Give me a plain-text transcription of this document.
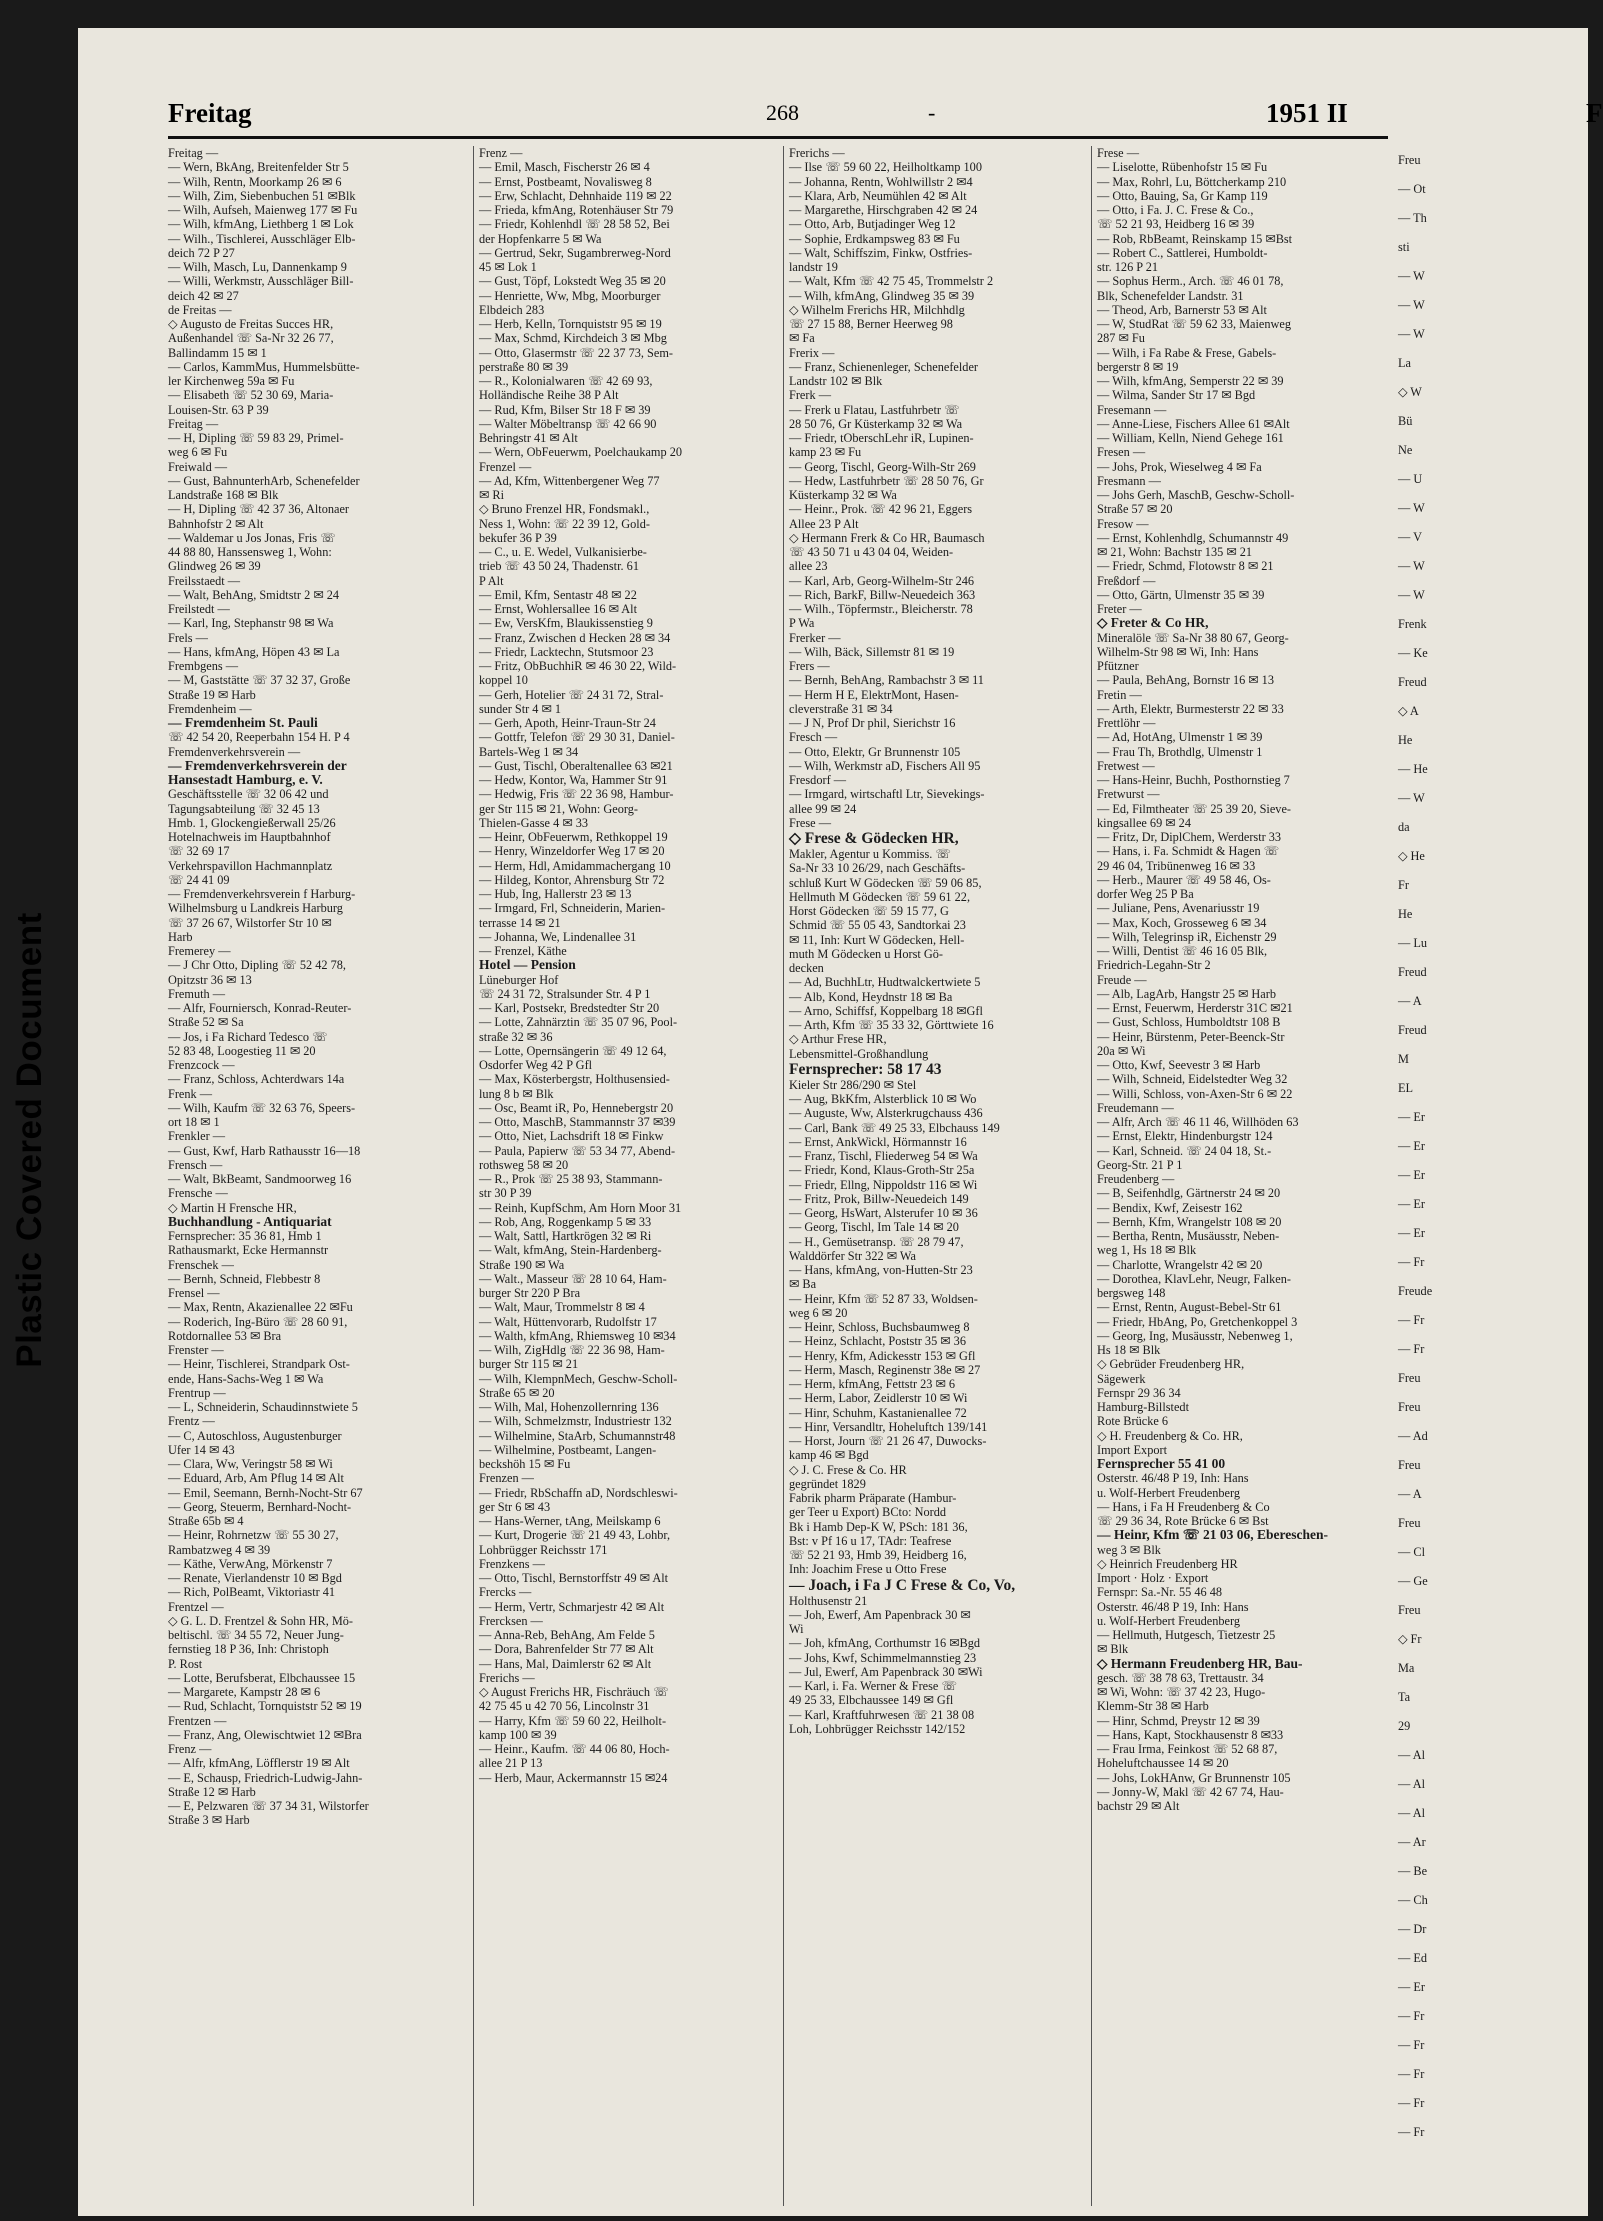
Plastic Covered Document
Freitag	268	-	1951 II
Freitag —
— Wern, BkAng, Breitenfelder Str 5
— Wilh, Rentn, Moorkamp 26 ✉ 6
— Wilh, Zim, Siebenbuchen 51 ✉Blk
— Wilh, Aufseh, Maienweg 177 ✉ Fu
— Wilh, kfmAng, Liethberg 1 ✉ Lok
— Wilh., Tischlerei, Ausschläger Elb-
deich 72 P 27
— Wilh, Masch, Lu, Dannenkamp 9
— Willi, Werkmstr, Ausschläger Bill-
deich 42 ✉ 27
de Freitas —
◇ Augusto de Freitas Succes HR,
Außenhandel ☏ Sa-Nr 32 26 77,
Ballindamm 15 ✉ 1
— Carlos, KammMus, Hummelsbütte-
ler Kirchenweg 59a ✉ Fu
— Elisabeth ☏ 52 30 69, Maria-
Louisen-Str. 63 P 39
Freitag —
— H, Dipling ☏ 59 83 29, Primel-
weg 6 ✉ Fu
Freiwald —
— Gust, BahnunterhArb, Schenefelder
Landstraße 168 ✉ Blk
— H, Dipling ☏ 42 37 36, Altonaer
Bahnhofstr 2 ✉ Alt
— Waldemar u Jos Jonas, Fris ☏
44 88 80, Hanssensweg 1, Wohn:
Glindweg 26 ✉ 39
Freilsstaedt —
— Walt, BehAng, Smidtstr 2 ✉ 24
Freilstedt —
— Karl, Ing, Stephanstr 98 ✉ Wa
Frels —
— Hans, kfmAng, Höpen 43 ✉ La
Frembgens —
— M, Gaststätte ☏ 37 32 37, Große
Straße 19 ✉ Harb
Fremdenheim —
— Fremdenheim St. Pauli
☏ 42 54 20, Reeperbahn 154 H. P 4
Fremdenverkehrsverein —
— Fremdenverkehrsverein der
Hansestadt Hamburg, e. V.
Geschäftsstelle ☏ 32 06 42 und
Tagungsabteilung ☏ 32 45 13
Hmb. 1, Glockengießerwall 25/26
Hotelnachweis im Hauptbahnhof
☏ 32 69 17
Verkehrspavillon Hachmannplatz
☏ 24 41 09
— Fremdenverkehrsverein f Harburg-
Wilhelmsburg u Landkreis Harburg
☏ 37 26 67, Wilstorfer Str 10 ✉
Harb
Fremerey —
— J Chr Otto, Dipling ☏ 52 42 78,
Opitzstr 36 ✉ 13
Fremuth —
— Alfr, Fourniersch, Konrad-Reuter-
Straße 52 ✉ Sa
— Jos, i Fa Richard Tedesco ☏
52 83 48, Loogestieg 11 ✉ 20
Frenzcock —
— Franz, Schloss, Achterdwars 14a
Frenk —
— Wilh, Kaufm ☏ 32 63 76, Speers-
ort 18 ✉ 1
Frenkler —
— Gust, Kwf, Harb Rathausstr 16—18
Frensch —
— Walt, BkBeamt, Sandmoorweg 16
Frensche —
◇ Martin H Frensche HR,
Buchhandlung - Antiquariat
Fernsprecher: 35 36 81, Hmb 1
Rathausmarkt, Ecke Hermannstr
Frenschek —
— Bernh, Schneid, Flebbestr 8
Frensel —
— Max, Rentn, Akazienallee 22 ✉Fu
— Roderich, Ing-Büro ☏ 28 60 91,
Rotdornallee 53 ✉ Bra
Frenster —
— Heinr, Tischlerei, Strandpark Ost-
ende, Hans-Sachs-Weg 1 ✉ Wa
Frentrup —
— L, Schneiderin, Schaudinnstwiete 5
Frentz —
— C, Autoschloss, Augustenburger
Ufer 14 ✉ 43
— Clara, Ww, Veringstr 58 ✉ Wi
— Eduard, Arb, Am Pflug 14 ✉ Alt
— Emil, Seemann, Bernh-Nocht-Str 67
— Georg, Steuerm, Bernhard-Nocht-
Straße 65b ✉ 4
— Heinr, Rohrnetzw ☏ 55 30 27,
Rambatzweg 4 ✉ 39
— Käthe, VerwAng, Mörkenstr 7
— Renate, Vierlandenstr 10 ✉ Bgd
— Rich, PolBeamt, Viktoriastr 41
Frentzel —
◇ G. L. D. Frentzel & Sohn HR, Mö-
beltischl. ☏ 34 55 72, Neuer Jung-
fernstieg 18 P 36, Inh: Christoph
P. Rost
— Lotte, Berufsberat, Elbchaussee 15
— Margarete, Kampstr 28 ✉ 6
— Rud, Schlacht, Tornquiststr 52 ✉ 19
Frentzen —
— Franz, Ang, Olewischtwiet 12 ✉Bra
Frenz —
— Alfr, kfmAng, Löfflerstr 19 ✉ Alt
— E, Schausp, Friedrich-Ludwig-Jahn-
Straße 12 ✉ Harb
— E, Pelzwaren ☏ 37 34 31, Wilstorfer
Straße 3 ✉ Harb
Frenz —
— Emil, Masch, Fischerstr 26 ✉ 4
— Ernst, Postbeamt, Novalisweg 8
— Erw, Schlacht, Dehnhaide 119 ✉ 22
— Frieda, kfmAng, Rotenhäuser Str 79
— Friedr, Kohlenhdl ☏ 28 58 52, Bei
der Hopfenkarre 5 ✉ Wa
— Gertrud, Sekr, Sugambrerweg-Nord
45 ✉ Lok 1
— Gust, Töpf, Lokstedt Weg 35 ✉ 20
— Henriette, Ww, Mbg, Moorburger
Elbdeich 283
— Herb, Kelln, Tornquiststr 95 ✉ 19
— Max, Schmd, Kirchdeich 3 ✉ Mbg
— Otto, Glasermstr ☏ 22 37 73, Sem-
perstraße 80 ✉ 39
— R., Kolonialwaren ☏ 42 69 93,
Holländische Reihe 38 P Alt
— Rud, Kfm, Bilser Str 18 F ✉ 39
— Walter Möbeltransp ☏ 42 66 90
Behringstr 41 ✉ Alt
— Wern, ObFeuerwm, Poelchaukamp 20
Frenzel —
— Ad, Kfm, Wittenbergener Weg 77
✉ Ri
◇ Bruno Frenzel HR, Fondsmakl.,
Ness 1, Wohn: ☏ 22 39 12, Gold-
bekufer 36 P 39
— C., u. E. Wedel, Vulkanisierbe-
trieb ☏ 43 50 24, Thadenstr. 61
P Alt
— Emil, Kfm, Sentastr 48 ✉ 22
— Ernst, Wohlersallee 16 ✉ Alt
— Ew, VersKfm, Blaukissenstieg 9
— Franz, Zwischen d Hecken 28 ✉ 34
— Friedr, Lacktechn, Stutsmoor 23
— Fritz, ObBuchhiR ✉ 46 30 22, Wild-
koppel 10
— Gerh, Hotelier ☏ 24 31 72, Stral-
sunder Str 4 ✉ 1
— Gerh, Apoth, Heinr-Traun-Str 24
— Gottfr, Telefon ☏ 29 30 31, Daniel-
Bartels-Weg 1 ✉ 34
— Gust, Tischl, Oberaltenallee 63 ✉21
— Hedw, Kontor, Wa, Hammer Str 91
— Hedwig, Fris ☏ 22 36 98, Hambur-
ger Str 115 ✉ 21, Wohn: Georg-
Thielen-Gasse 4 ✉ 33
— Heinr, ObFeuerwm, Rethkoppel 19
— Henry, Winzeldorfer Weg 17 ✉ 20
— Herm, Hdl, Amidammachergang 10
— Hildeg, Kontor, Ahrensburg Str 72
— Hub, Ing, Hallerstr 23 ✉ 13
— Irmgard, Frl, Schneiderin, Marien-
terrasse 14 ✉ 21
— Johanna, We, Lindenallee 31
— Frenzel, Käthe
Hotel — Pension
Lüneburger Hof
☏ 24 31 72, Stralsunder Str. 4 P 1
— Karl, Postsekr, Bredstedter Str 20
— Lotte, Zahnärztin ☏ 35 07 96, Pool-
straße 32 ✉ 36
— Lotte, Opernsängerin ☏ 49 12 64,
Osdorfer Weg 42 P Gfl
— Max, Kösterbergstr, Holthusensied-
lung 8 b ✉ Blk
— Osc, Beamt iR, Po, Hennebergstr 20
— Otto, MaschB, Stammannstr 37 ✉39
— Otto, Niet, Lachsdrift 18 ✉ Finkw
— Paula, Papierw ☏ 53 34 77, Abend-
rothsweg 58 ✉ 20
— R., Prok ☏ 25 38 93, Stammann-
str 30 P 39
— Reinh, KupfSchm, Am Horn Moor 31
— Rob, Ang, Roggenkamp 5 ✉ 33
— Walt, Sattl, Hartkrögen 32 ✉ Ri
— Walt, kfmAng, Stein-Hardenberg-
Straße 190 ✉ Wa
— Walt., Masseur ☏ 28 10 64, Ham-
burger Str 220 P Bra
— Walt, Maur, Trommelstr 8 ✉ 4
— Walt, Hüttenvorarb, Rudolfstr 17
— Walth, kfmAng, Rhiemsweg 10 ✉34
— Wilh, ZigHdlg ☏ 22 36 98, Ham-
burger Str 115 ✉ 21
— Wilh, KlempnMech, Geschw-Scholl-
Straße 65 ✉ 20
— Wilh, Mal, Hohenzollernring 136
— Wilh, Schmelzmstr, Industriestr 132
— Wilhelmine, StaArb, Schumannstr48
— Wilhelmine, Postbeamt, Langen-
beckshöh 15 ✉ Fu
Frenzen —
— Friedr, RbSchaffn aD, Nordschleswi-
ger Str 6 ✉ 43
— Hans-Werner, tAng, Meilskamp 6
— Kurt, Drogerie ☏ 21 49 43, Lohbr,
Lohbrügger Reichsstr 171
Frenzkens —
— Otto, Tischl, Bernstorffstr 49 ✉ Alt
Frercks —
— Herm, Vertr, Schmarjestr 42 ✉ Alt
Frercksen —
— Anna-Reb, BehAng, Am Felde 5
— Dora, Bahrenfelder Str 77 ✉ Alt
— Hans, Mal, Daimlerstr 62 ✉ Alt
Frerichs —
◇ August Frerichs HR, Fischräuch ☏
42 75 45 u 42 70 56, Lincolnstr 31
— Harry, Kfm ☏ 59 60 22, Heilholt-
kamp 100 ✉ 39
— Heinr., Kaufm. ☏ 44 06 80, Hoch-
allee 21 P 13
— Herb, Maur, Ackermannstr 15 ✉24
Frerichs —
— Ilse ☏ 59 60 22, Heilholtkamp 100
— Johanna, Rentn, Wohlwillstr 2 ✉4
— Klara, Arb, Neumühlen 42 ✉ Alt
— Margarethe, Hirschgraben 42 ✉ 24
— Otto, Arb, Butjadinger Weg 12
— Sophie, Erdkampsweg 83 ✉ Fu
— Walt, Schiffszim, Finkw, Ostfries-
landstr 19
— Walt, Kfm ☏ 42 75 45, Trommelstr 2
— Wilh, kfmAng, Glindweg 35 ✉ 39
◇ Wilhelm Frerichs HR, Milchhdlg
☏ 27 15 88, Berner Heerweg 98
✉ Fa
Frerix —
— Franz, Schienenleger, Schenefelder
Landstr 102 ✉ Blk
Frerk —
— Frerk u Flatau, Lastfuhrbetr ☏
28 50 76, Gr Küsterkamp 32 ✉ Wa
— Friedr, tOberschLehr iR, Lupinen-
kamp 23 ✉ Fu
— Georg, Tischl, Georg-Wilh-Str 269
— Hedw, Lastfuhrbetr ☏ 28 50 76, Gr
Küsterkamp 32 ✉ Wa
— Heinr., Prok. ☏ 42 96 21, Eggers
Allee 23 P Alt
◇ Hermann Frerk & Co HR, Baumasch
☏ 43 50 71 u 43 04 04, Weiden-
allee 23
— Karl, Arb, Georg-Wilhelm-Str 246
— Rich, BarkF, Billw-Neuedeich 363
— Wilh., Töpfermstr., Bleicherstr. 78
P Wa
Frerker —
— Wilh, Bäck, Sillemstr 81 ✉ 19
Frers —
— Bernh, BehAng, Rambachstr 3 ✉ 11
— Herm H E, ElektrMont, Hasen-
cleverstraße 31 ✉ 34
— J N, Prof Dr phil, Sierichstr 16
Fresch —
— Otto, Elektr, Gr Brunnenstr 105
— Wilh, Werkmstr aD, Fischers All 95
Fresdorf —
— Irmgard, wirtschaftl Ltr, Sievekings-
allee 99 ✉ 24
Frese —
◇ Frese & Gödecken HR,
Makler, Agentur u Kommiss. ☏
Sa-Nr 33 10 26/29, nach Geschäfts-
schluß Kurt W Gödecken ☏ 59 06 85,
Hellmuth M Gödecken ☏ 59 61 22,
Horst Gödecken ☏ 59 15 77, G
Schmid ☏ 55 05 43, Sandtorkai 23
✉ 11, Inh: Kurt W Gödecken, Hell-
muth M Gödecken u Horst Gö-
decken
— Ad, BuchhLtr, Hudtwalckertwiete 5
— Alb, Kond, Heydnstr 18 ✉ Ba
— Arno, Schiffsf, Koppelbarg 18 ✉Gfl
— Arth, Kfm ☏ 35 33 32, Görttwiete 16
◇ Arthur Frese HR,
Lebensmittel-Großhandlung
Fernsprecher: 58 17 43
Kieler Str 286/290 ✉ Stel
— Aug, BkKfm, Alsterblick 10 ✉ Wo
— Auguste, Ww, Alsterkrugchauss 436
— Carl, Bank ☏ 49 25 33, Elbchauss 149
— Ernst, AnkWickl, Hörmannstr 16
— Franz, Tischl, Fliederweg 54 ✉ Wa
— Friedr, Kond, Klaus-Groth-Str 25a
— Friedr, Ellng, Nippoldstr 116 ✉ Wi
— Fritz, Prok, Billw-Neuedeich 149
— Georg, HsWart, Alsterufer 10 ✉ 36
— Georg, Tischl, Im Tale 14 ✉ 20
— H., Gemüsetransp. ☏ 28 79 47,
Walddörfer Str 322 ✉ Wa
— Hans, kfmAng, von-Hutten-Str 23
✉ Ba
— Heinr, Kfm ☏ 52 87 33, Woldsen-
weg 6 ✉ 20
— Heinr, Schloss, Buchsbaumweg 8
— Heinz, Schlacht, Poststr 35 ✉ 36
— Henry, Kfm, Adickesstr 153 ✉ Gfl
— Herm, Masch, Reginenstr 38e ✉ 27
— Herm, kfmAng, Fettstr 23 ✉ 6
— Herm, Labor, Zeidlerstr 10 ✉ Wi
— Hinr, Schuhm, Kastanienallee 72
— Hinr, Versandltr, Hoheluftch 139/141
— Horst, Journ ☏ 21 26 47, Duwocks-
kamp 46 ✉ Bgd
◇ J. C. Frese & Co. HR
gegründet 1829
Fabrik pharm Präparate (Hambur-
ger Teer u Export) BCto: Nordd
Bk i Hamb Dep-K W, PSch: 181 36,
Bst: v Pf 16 u 17, TAdr: Teafrese
☏ 52 21 93, Hmb 39, Heidberg 16,
Inh: Joachim Frese u Otto Frese
— Joach, i Fa J C Frese & Co, Vo,
Holthusenstr 21
— Joh, Ewerf, Am Papenbrack 30 ✉
Wi
— Joh, kfmAng, Corthumstr 16 ✉Bgd
— Johs, Kwf, Schimmelmannstieg 23
— Jul, Ewerf, Am Papenbrack 30 ✉Wi
— Karl, i. Fa. Werner & Frese ☏
49 25 33, Elbchaussee 149 ✉ Gfl
— Karl, Kraftfuhrwesen ☏ 21 38 08
Loh, Lohbrügger Reichsstr 142/152
Frese —
— Liselotte, Rübenhofstr 15 ✉ Fu
— Max, Rohrl, Lu, Böttcherkamp 210
— Otto, Bauing, Sa, Gr Kamp 119
— Otto, i Fa. J. C. Frese & Co.,
☏ 52 21 93, Heidberg 16 ✉ 39
— Rob, RbBeamt, Reinskamp 15 ✉Bst
— Robert C., Sattlerei, Humboldt-
str. 126 P 21
— Sophus Herm., Arch. ☏ 46 01 78,
Blk, Schenefelder Landstr. 31
— Theod, Arb, Barnerstr 53 ✉ Alt
— W, StudRat ☏ 59 62 33, Maienweg
287 ✉ Fu
— Wilh, i Fa Rabe & Frese, Gabels-
bergerstr 8 ✉ 19
— Wilh, kfmAng, Semperstr 22 ✉ 39
— Wilma, Sander Str 17 ✉ Bgd
Fresemann —
— Anne-Liese, Fischers Allee 61 ✉Alt
— William, Kelln, Niend Gehege 161
Fresen —
— Johs, Prok, Wieselweg 4 ✉ Fa
Fresmann —
— Johs Gerh, MaschB, Geschw-Scholl-
Straße 57 ✉ 20
Fresow —
— Ernst, Kohlenhdlg, Schumannstr 49
✉ 21, Wohn: Bachstr 135 ✉ 21
— Friedr, Schmd, Flotowstr 8 ✉ 21
Freßdorf —
— Otto, Gärtn, Ulmenstr 35 ✉ 39
Freter —
◇ Freter & Co HR,
Mineralöle ☏ Sa-Nr 38 80 67, Georg-
Wilhelm-Str 98 ✉ Wi, Inh: Hans
Pfützner
— Paula, BehAng, Bornstr 16 ✉ 13
Fretin —
— Arth, Elektr, Burmesterstr 22 ✉ 33
Frettlöhr —
— Ad, HotAng, Ulmenstr 1 ✉ 39
— Frau Th, Brothdlg, Ulmenstr 1
Fretwest —
— Hans-Heinr, Buchh, Posthornstieg 7
Fretwurst —
— Ed, Filmtheater ☏ 25 39 20, Sieve-
kingsallee 69 ✉ 24
— Fritz, Dr, DiplChem, Werderstr 33
— Hans, i. Fa. Schmidt & Hagen ☏
29 46 04, Tribünenweg 16 ✉ 33
— Herb., Maurer ☏ 49 58 46, Os-
dorfer Weg 25 P Ba
— Juliane, Pens, Avenariusstr 19
— Max, Koch, Grosseweg 6 ✉ 34
— Wilh, Telegrinsp iR, Eichenstr 29
— Willi, Dentist ☏ 46 16 05 Blk,
Friedrich-Legahn-Str 2
Freude —
— Alb, LagArb, Hangstr 25 ✉ Harb
— Ernst, Feuerwm, Herderstr 31C ✉21
— Gust, Schloss, Humboldtstr 108 B
— Heinr, Bürstenm, Peter-Beenck-Str
20a ✉ Wi
— Otto, Kwf, Seevestr 3 ✉ Harb
— Wilh, Schneid, Eidelstedter Weg 32
— Willi, Schloss, von-Axen-Str 6 ✉ 22
Freudemann —
— Alfr, Arch ☏ 46 11 46, Willhöden 63
— Ernst, Elektr, Hindenburgstr 124
— Karl, Schneid. ☏ 24 04 18, St.-
Georg-Str. 21 P 1
Freudenberg —
— B, Seifenhdlg, Gärtnerstr 24 ✉ 20
— Bendix, Kwf, Zeisestr 162
— Bernh, Kfm, Wrangelstr 108 ✉ 20
— Bertha, Rentn, Musäusstr, Neben-
weg 1, Hs 18 ✉ Blk
— Charlotte, Wrangelstr 42 ✉ 20
— Dorothea, KlavLehr, Neugr, Falken-
bergsweg 148
— Ernst, Rentn, August-Bebel-Str 61
— Friedr, HbAng, Po, Gretchenkoppel 3
— Georg, Ing, Musäusstr, Nebenweg 1,
Hs 18 ✉ Blk
◇ Gebrüder Freudenberg HR,
Sägewerk
Fernspr 29 36 34
Hamburg-Billstedt
Rote Brücke 6
◇ H. Freudenberg & Co. HR,
Import Export
Fernsprecher 55 41 00
Osterstr. 46/48 P 19, Inh: Hans
u. Wolf-Herbert Freudenberg
— Hans, i Fa H Freudenberg & Co
☏ 29 36 34, Rote Brücke 6 ✉ Bst
— Heinr, Kfm ☏ 21 03 06, Ebereschen-
weg 3 ✉ Blk
◇ Heinrich Freudenberg HR
Import · Holz · Export
Fernspr: Sa.-Nr. 55 46 48
Osterstr. 46/48 P 19, Inh: Hans
u. Wolf-Herbert Freudenberg
— Hellmuth, Hutgesch, Tietzestr 25
✉ Blk
◇ Hermann Freudenberg HR, Bau-
gesch. ☏ 38 78 63, Trettaustr. 34
✉ Wi, Wohn: ☏ 37 42 23, Hugo-
Klemm-Str 38 ✉ Harb
— Hinr, Schmd, Preystr 12 ✉ 39
— Hans, Kapt, Stockhausenstr 8 ✉33
— Frau Irma, Feinkost ☏ 52 68 87,
Hoheluftchaussee 14 ✉ 20
— Johs, LokHAnw, Gr Brunnenstr 105
— Jonny-W, Makl ☏ 42 67 74, Hau-
bachstr 29 ✉ Alt
F
Freu
— Ot
— Th
sti
— W
— W
— W
La
◇ W
Bü
Ne
— U
— W
— V
— W
— W
Frenk
— Ke
Freud
◇ A
He
— He
— W
da
◇ He
Fr
He
— Lu
Freud
— A
Freud
M
EL
— Er
— Er
— Er
— Er
— Er
— Fr
Freude
— Fr
— Fr
Freu
Freu
— Ad
Freu
— A
Freu
— Cl
— Ge
Freu
◇ Fr
Ma
Ta
29
— Al
— Al
— Al
— Ar
— Be
— Ch
— Dr
— Ed
— Er
— Fr
— Fr
— Fr
— Fr
— Fr
